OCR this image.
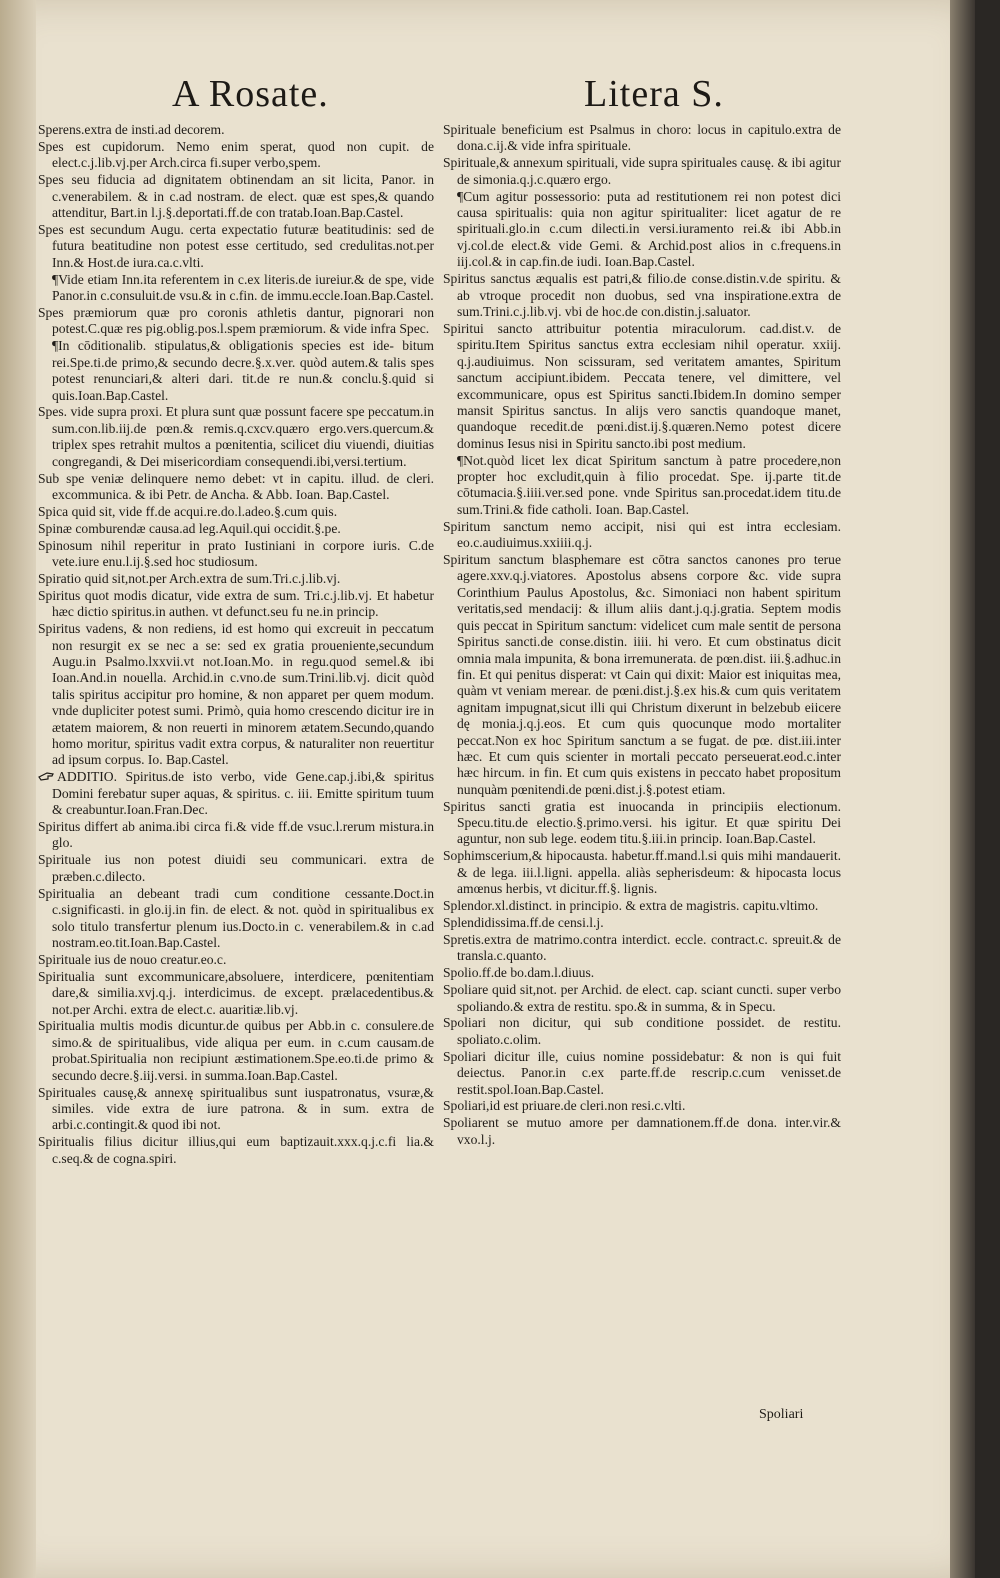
A Rosate.	Litera S.
Sperens.extra de insti.ad decorem.
Spes est cupidorum. Nemo enim sperat, quod non cupit. de elect.c.j.lib.vj.per Arch.circa fi.super verbo,spem.
Spes seu fiducia ad dignitatem obtinendam an sit licita, Panor. in c.venerabilem. & in c.ad nostram. de elect. quæ est spes,& quando attenditur, Bart.in l.j.§.deportati.ff.de con tratab.Ioan.Bap.Castel.
Spes est secundum Augu. certa expectatio futuræ beatitudinis: sed de futura beatitudine non potest esse certitudo, sed credulitas.not.per Inn.& Host.de iura.ca.c.vlti.
¶Vide etiam Inn.ita referentem in c.ex literis.de iureiur.& de spe, vide Panor.in c.consuluit.de vsu.& in c.fin. de immu.eccle.Ioan.Bap.Castel.
Spes præmiorum quæ pro coronis athletis dantur, pignorari non potest.C.quæ res pig.oblig.pos.l.spem præmiorum. & vide infra Spec.
¶In cōditionalib. stipulatus,& obligationis species est ide- bitum rei.Spe.ti.de primo,& secundo decre.§.x.ver. quòd autem.& talis spes potest renunciari,& alteri dari. tit.de re nun.& conclu.§.quid si quis.Ioan.Bap.Castel.
Spes. vide supra proxi. Et plura sunt quæ possunt facere spe peccatum.in sum.con.lib.iij.de pœn.& remis.q.cxcv.quæro ergo.vers.quercum.& triplex spes retrahit multos a pœnitentia, scilicet diu viuendi, diuitias congregandi, & Dei misericordiam consequendi.ibi,versi.tertium.
Sub spe veniæ delinquere nemo debet: vt in capitu. illud. de cleri. excommunica. & ibi Petr. de Ancha. & Abb. Ioan. Bap.Castel.
Spica quid sit, vide ff.de acqui.re.do.l.adeo.§.cum quis.
Spinæ comburendæ causa.ad leg.Aquil.qui occidit.§.pe.
Spinosum nihil reperitur in prato Iustiniani in corpore iuris. C.de vete.iure enu.l.ij.§.sed hoc studiosum.
Spiratio quid sit,not.per Arch.extra de sum.Tri.c.j.lib.vj.
Spiritus quot modis dicatur, vide extra de sum. Tri.c.j.lib.vj. Et habetur hæc dictio spiritus.in authen. vt defunct.seu fu ne.in princip.
Spiritus vadens, & non rediens, id est homo qui excreuit in peccatum non resurgit ex se nec a se: sed ex gratia proueniente,secundum Augu.in Psalmo.lxxvii.vt not.Ioan.Mo. in regu.quod semel.& ibi Ioan.And.in nouella. Archid.in c.vno.de sum.Trini.lib.vj. dicit quòd talis spiritus accipitur pro homine, & non apparet per quem modum. vnde dupliciter potest sumi. Primò, quia homo crescendo dicitur ire in ætatem maiorem, & non reuerti in minorem ætatem.Secundo,quando homo moritur, spiritus vadit extra corpus, & naturaliter non reuertitur ad ipsum corpus. Io. Bap.Castel.
ADDITIO. Spiritus.de isto verbo, vide Gene.cap.j.ibi,& spiritus Domini ferebatur super aquas, & spiritus. c. iii. Emitte spiritum tuum & creabuntur.Ioan.Fran.Dec.
Spiritus differt ab anima.ibi circa fi.& vide ff.de vsuc.l.rerum mistura.in glo.
Spirituale ius non potest diuidi seu communicari. extra de præben.c.dilecto.
Spiritualia an debeant tradi cum conditione cessante.Doct.in c.significasti. in glo.ij.in fin. de elect. & not. quòd in spiritualibus ex solo titulo transfertur plenum ius.Docto.in c. venerabilem.& in c.ad nostram.eo.tit.Ioan.Bap.Castel.
Spirituale ius de nouo creatur.eo.c.
Spiritualia sunt excommunicare,absoluere, interdicere, pœnitentiam dare,& similia.xvj.q.j. interdicimus. de except. prælacedentibus.& not.per Archi. extra de elect.c. auaritiæ.lib.vj.
Spiritualia multis modis dicuntur.de quibus per Abb.in c. consulere.de simo.& de spiritualibus, vide aliqua per eum. in c.cum causam.de probat.Spiritualia non recipiunt æstimationem.Spe.eo.ti.de primo & secundo decre.§.iij.versi. in summa.Ioan.Bap.Castel.
Spirituales causę,& annexę spiritualibus sunt iuspatronatus, vsuræ,& similes. vide extra de iure patrona. & in sum. extra de arbi.c.contingit.& quod ibi not.
Spiritualis filius dicitur illius,qui eum baptizauit.xxx.q.j.c.fi lia.& c.seq.& de cogna.spiri.
Spirituale beneficium est Psalmus in choro: locus in capitulo.extra de dona.c.ij.& vide infra spirituale.
Spirituale,& annexum spirituali, vide supra spirituales causę. & ibi agitur de simonia.q.j.c.quæro ergo.
¶Cum agitur possessorio: puta ad restitutionem rei non potest dici causa spiritualis: quia non agitur spiritualiter: licet agatur de re spirituali.glo.in c.cum dilecti.in versi.iuramento rei.& ibi Abb.in vj.col.de elect.& vide Gemi. & Archid.post alios in c.frequens.in iij.col.& in cap.fin.de iudi. Ioan.Bap.Castel.
Spiritus sanctus æqualis est patri,& filio.de conse.distin.v.de spiritu. & ab vtroque procedit non duobus, sed vna inspiratione.extra de sum.Trini.c.j.lib.vj. vbi de hoc.de con.distin.j.saluator.
Spiritui sancto attribuitur potentia miraculorum. cad.dist.v. de spiritu.Item Spiritus sanctus extra ecclesiam nihil operatur. xxiij. q.j.audiuimus. Non scissuram, sed veritatem amantes, Spiritum sanctum accipiunt.ibidem. Peccata tenere, vel dimittere, vel excommunicare, opus est Spiritus sancti.Ibidem.In domino semper mansit Spiritus sanctus. In alijs vero sanctis quandoque manet, quandoque recedit.de pœni.dist.ij.§.quæren.Nemo potest dicere dominus Iesus nisi in Spiritu sancto.ibi post medium.
¶Not.quòd licet lex dicat Spiritum sanctum à patre procedere,non propter hoc excludit,quin à filio procedat. Spe. ij.parte tit.de cōtumacia.§.iiii.ver.sed pone. vnde Spiritus san.procedat.idem titu.de sum.Trini.& fide catholi. Ioan. Bap.Castel.
Spiritum sanctum nemo accipit, nisi qui est intra ecclesiam. eo.c.audiuimus.xxiiii.q.j.
Spiritum sanctum blasphemare est cōtra sanctos canones pro terue agere.xxv.q.j.viatores. Apostolus absens corpore &c. vide supra Corinthium Paulus Apostolus, &c. Simoniaci non habent spiritum veritatis,sed mendacij: & illum aliis dant.j.q.j.gratia. Septem modis quis peccat in Spiritum sanctum: videlicet cum male sentit de persona Spiritus sancti.de conse.distin. iiii. hi vero. Et cum obstinatus dicit omnia mala impunita, & bona irremunerata. de pœn.dist. iii.§.adhuc.in fin. Et qui penitus disperat: vt Cain qui dixit: Maior est iniquitas mea, quàm vt veniam merear. de pœni.dist.j.§.ex his.& cum quis veritatem agnitam impugnat,sicut illi qui Christum dixerunt in belzebub eiicere dę monia.j.q.j.eos. Et cum quis quocunque modo mortaliter peccat.Non ex hoc Spiritum sanctum a se fugat. de pœ. dist.iii.inter hæc. Et cum quis scienter in mortali peccato perseuerat.eod.c.inter hæc hircum. in fin. Et cum quis existens in peccato habet propositum nunquàm pœnitendi.de pœni.dist.j.§.potest etiam.
Spiritus sancti gratia est inuocanda in principiis electionum. Specu.titu.de electio.§.primo.versi. his igitur. Et quæ spiritu Dei aguntur, non sub lege. eodem titu.§.iii.in princip. Ioan.Bap.Castel.
Sophimscerium,& hipocausta. habetur.ff.mand.l.si quis mihi mandauerit. & de lega. iii.l.ligni. appella. aliàs sepherisdeum: & hipocasta locus amœnus herbis, vt dicitur.ff.§. lignis.
Splendor.xl.distinct. in principio. & extra de magistris. capitu.vltimo.
Splendidissima.ff.de censi.l.j.
Spretis.extra de matrimo.contra interdict. eccle. contract.c. spreuit.& de transla.c.quanto.
Spolio.ff.de bo.dam.l.diuus.
Spoliare quid sit,not. per Archid. de elect. cap. sciant cuncti. super verbo spoliando.& extra de restitu. spo.& in summa, & in Specu.
Spoliari non dicitur, qui sub conditione possidet. de restitu. spoliato.c.olim.
Spoliari dicitur ille, cuius nomine possidebatur: & non is qui fuit deiectus. Panor.in c.ex parte.ff.de rescrip.c.cum venisset.de restit.spol.Ioan.Bap.Castel.
Spoliari,id est priuare.de cleri.non resi.c.vlti.
Spoliarent se mutuo amore per damnationem.ff.de dona. inter.vir.& vxo.l.j.
Spoliari
